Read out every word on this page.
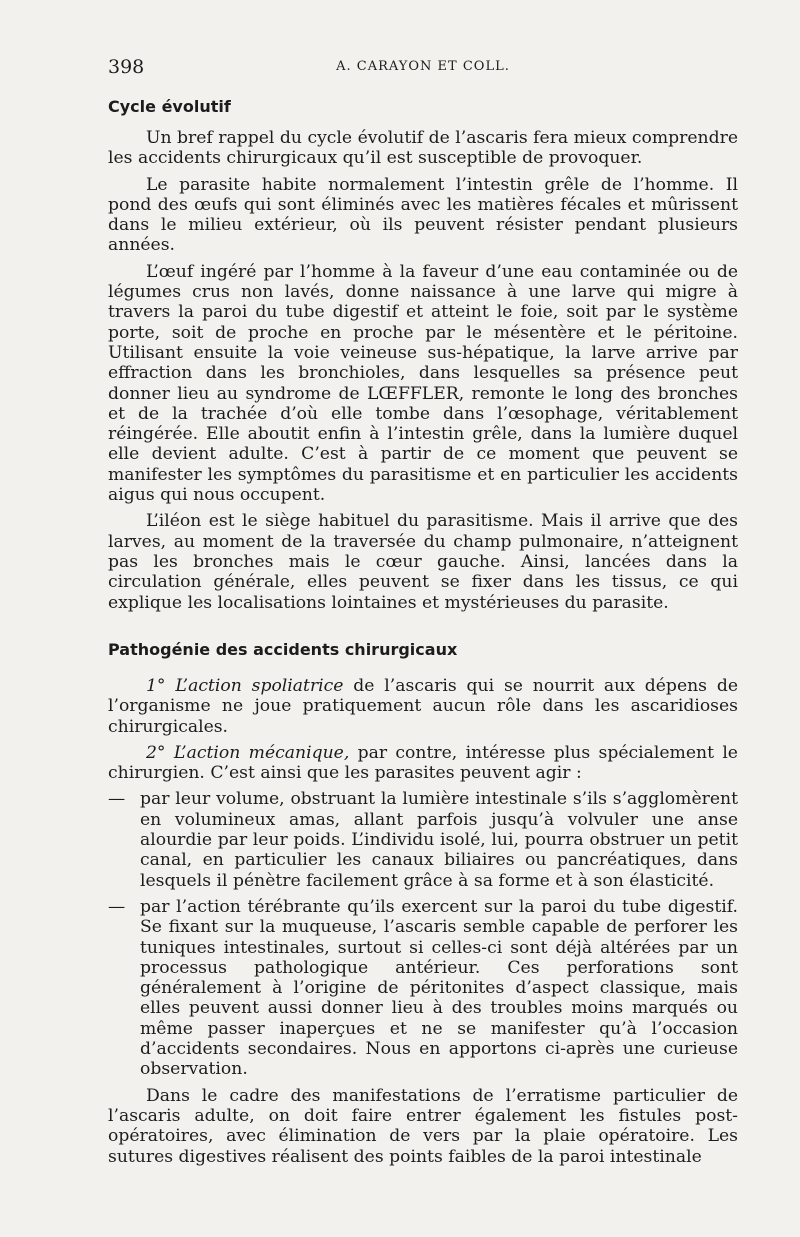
398	A. CARAYON ET COLL.
Cycle évolutif

Un bref rappel du cycle évolutif de l’ascaris fera mieux comprendre les accidents chirurgicaux qu’il est susceptible de provoquer.

Le parasite habite normalement l’intestin grêle de l’homme. Il pond des œufs qui sont éliminés avec les matières fécales et mûrissent dans le milieu extérieur, où ils peuvent résister pendant plusieurs années.

L’œuf ingéré par l’homme à la faveur d’une eau contaminée ou de légumes crus non lavés, donne naissance à une larve qui migre à travers la paroi du tube digestif et atteint le foie, soit par le système porte, soit de proche en proche par le mésentère et le péritoine. Utilisant ensuite la voie veineuse sus-hépatique, la larve arrive par effraction dans les bronchioles, dans lesquelles sa présence peut donner lieu au syndrome de LŒFFLER, remonte le long des bronches et de la trachée d’où elle tombe dans l’œsophage, véritablement réingérée. Elle aboutit enfin à l’intestin grêle, dans la lumière duquel elle devient adulte. C’est à partir de ce moment que peuvent se manifester les symptômes du parasitisme et en particulier les accidents aigus qui nous occupent.

L’iléon est le siège habituel du parasitisme. Mais il arrive que des larves, au moment de la traversée du champ pulmonaire, n’atteignent pas les bronches mais le cœur gauche. Ainsi, lancées dans la circulation générale, elles peuvent se fixer dans les tissus, ce qui explique les localisations lointaines et mystérieuses du parasite.

Pathogénie des accidents chirurgicaux

1° L’action spoliatrice de l’ascaris qui se nourrit aux dépens de l’organisme ne joue pratiquement aucun rôle dans les ascaridioses chirurgicales.

2° L’action mécanique, par contre, intéresse plus spécialement le chirurgien. C’est ainsi que les parasites peuvent agir :

— par leur volume, obstruant la lumière intestinale s’ils s’agglomèrent en volumineux amas, allant parfois jusqu’à volvuler une anse alourdie par leur poids. L’individu isolé, lui, pourra obstruer un petit canal, en particulier les canaux biliaires ou pancréatiques, dans lesquels il pénètre facilement grâce à sa forme et à son élasticité.
— par l’action térébrante qu’ils exercent sur la paroi du tube digestif. Se fixant sur la muqueuse, l’ascaris semble capable de perforer les tuniques intestinales, surtout si celles-ci sont déjà altérées par un processus pathologique antérieur. Ces perforations sont généralement à l’origine de péritonites d’aspect classique, mais elles peuvent aussi donner lieu à des troubles moins marqués ou même passer inaperçues et ne se manifester qu’à l’occasion d’accidents secondaires. Nous en apportons ci-après une curieuse observation.

Dans le cadre des manifestations de l’erratisme particulier de l’ascaris adulte, on doit faire entrer également les fistules post-opératoires, avec élimination de vers par la plaie opératoire. Les sutures digestives réalisent des points faibles de la paroi intestinale
